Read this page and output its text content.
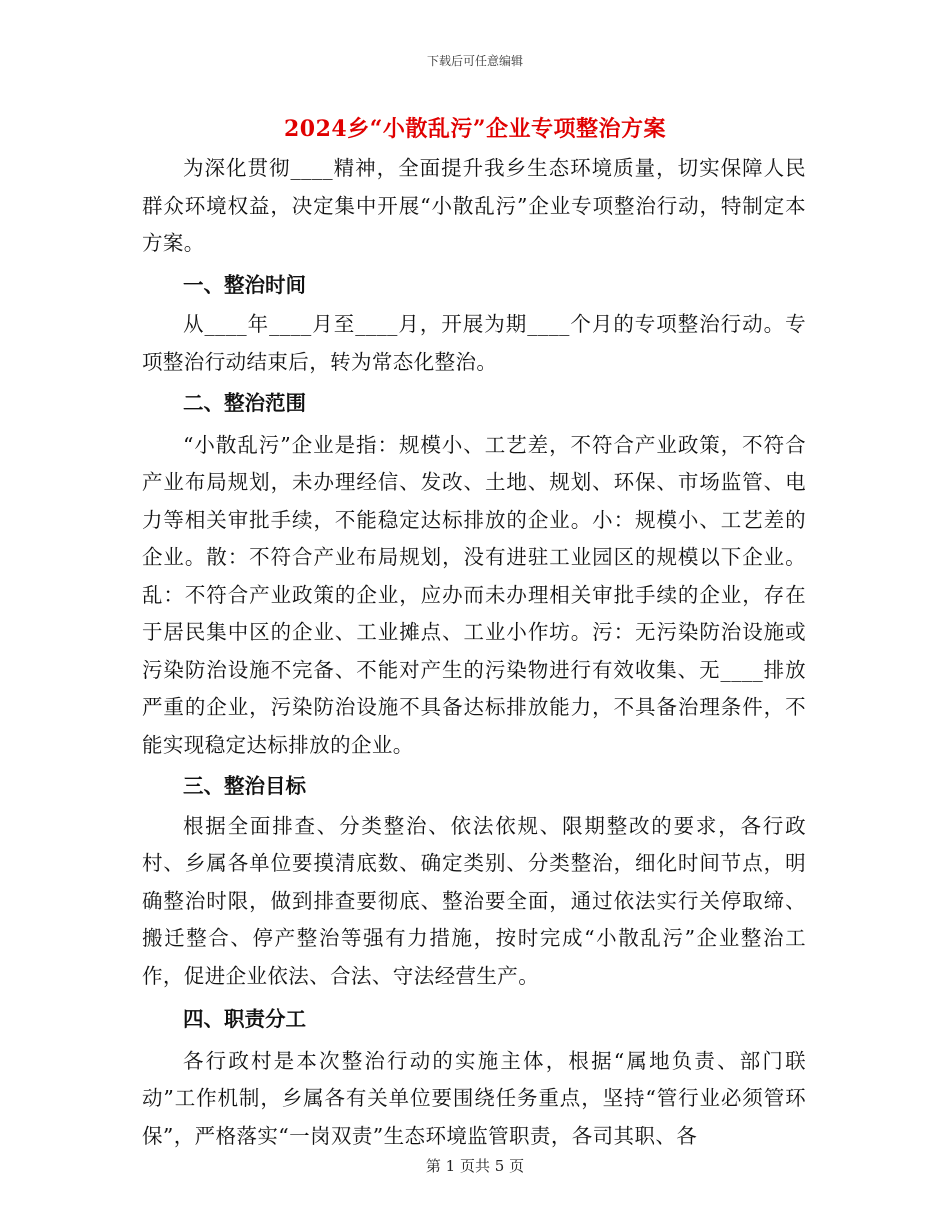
下载后可任意编辑
2024乡“小散乱污”企业专项整治方案

为深化贯彻____精神，全面提升我乡生态环境质量，切实保障人民群众环境权益，决定集中开展“小散乱污”企业专项整治行动，特制定本方案。

一、整治时间

从____年____月至____月，开展为期____个月的专项整治行动。专项整治行动结束后，转为常态化整治。

二、整治范围

“小散乱污”企业是指：规模小、工艺差，不符合产业政策，不符合产业布局规划，未办理经信、发改、土地、规划、环保、市场监管、电力等相关审批手续，不能稳定达标排放的企业。小：规模小、工艺差的企业。散：不符合产业布局规划，没有进驻工业园区的规模以下企业。乱：不符合产业政策的企业，应办而未办理相关审批手续的企业，存在于居民集中区的企业、工业摊点、工业小作坊。污：无污染防治设施或污染防治设施不完备、不能对产生的污染物进行有效收集、无____排放严重的企业，污染防治设施不具备达标排放能力，不具备治理条件，不能实现稳定达标排放的企业。

三、整治目标

根据全面排查、分类整治、依法依规、限期整改的要求，各行政村、乡属各单位要摸清底数、确定类别、分类整治，细化时间节点，明确整治时限，做到排查要彻底、整治要全面，通过依法实行关停取缔、搬迁整合、停产整治等强有力措施，按时完成“小散乱污”企业整治工作，促进企业依法、合法、守法经营生产。

四、职责分工

各行政村是本次整治行动的实施主体，根据“属地负责、部门联动”工作机制，乡属各有关单位要围绕任务重点，坚持“管行业必须管环保”，严格落实“一岗双责”生态环境监管职责，各司其职、各

第 1 页共 5 页
